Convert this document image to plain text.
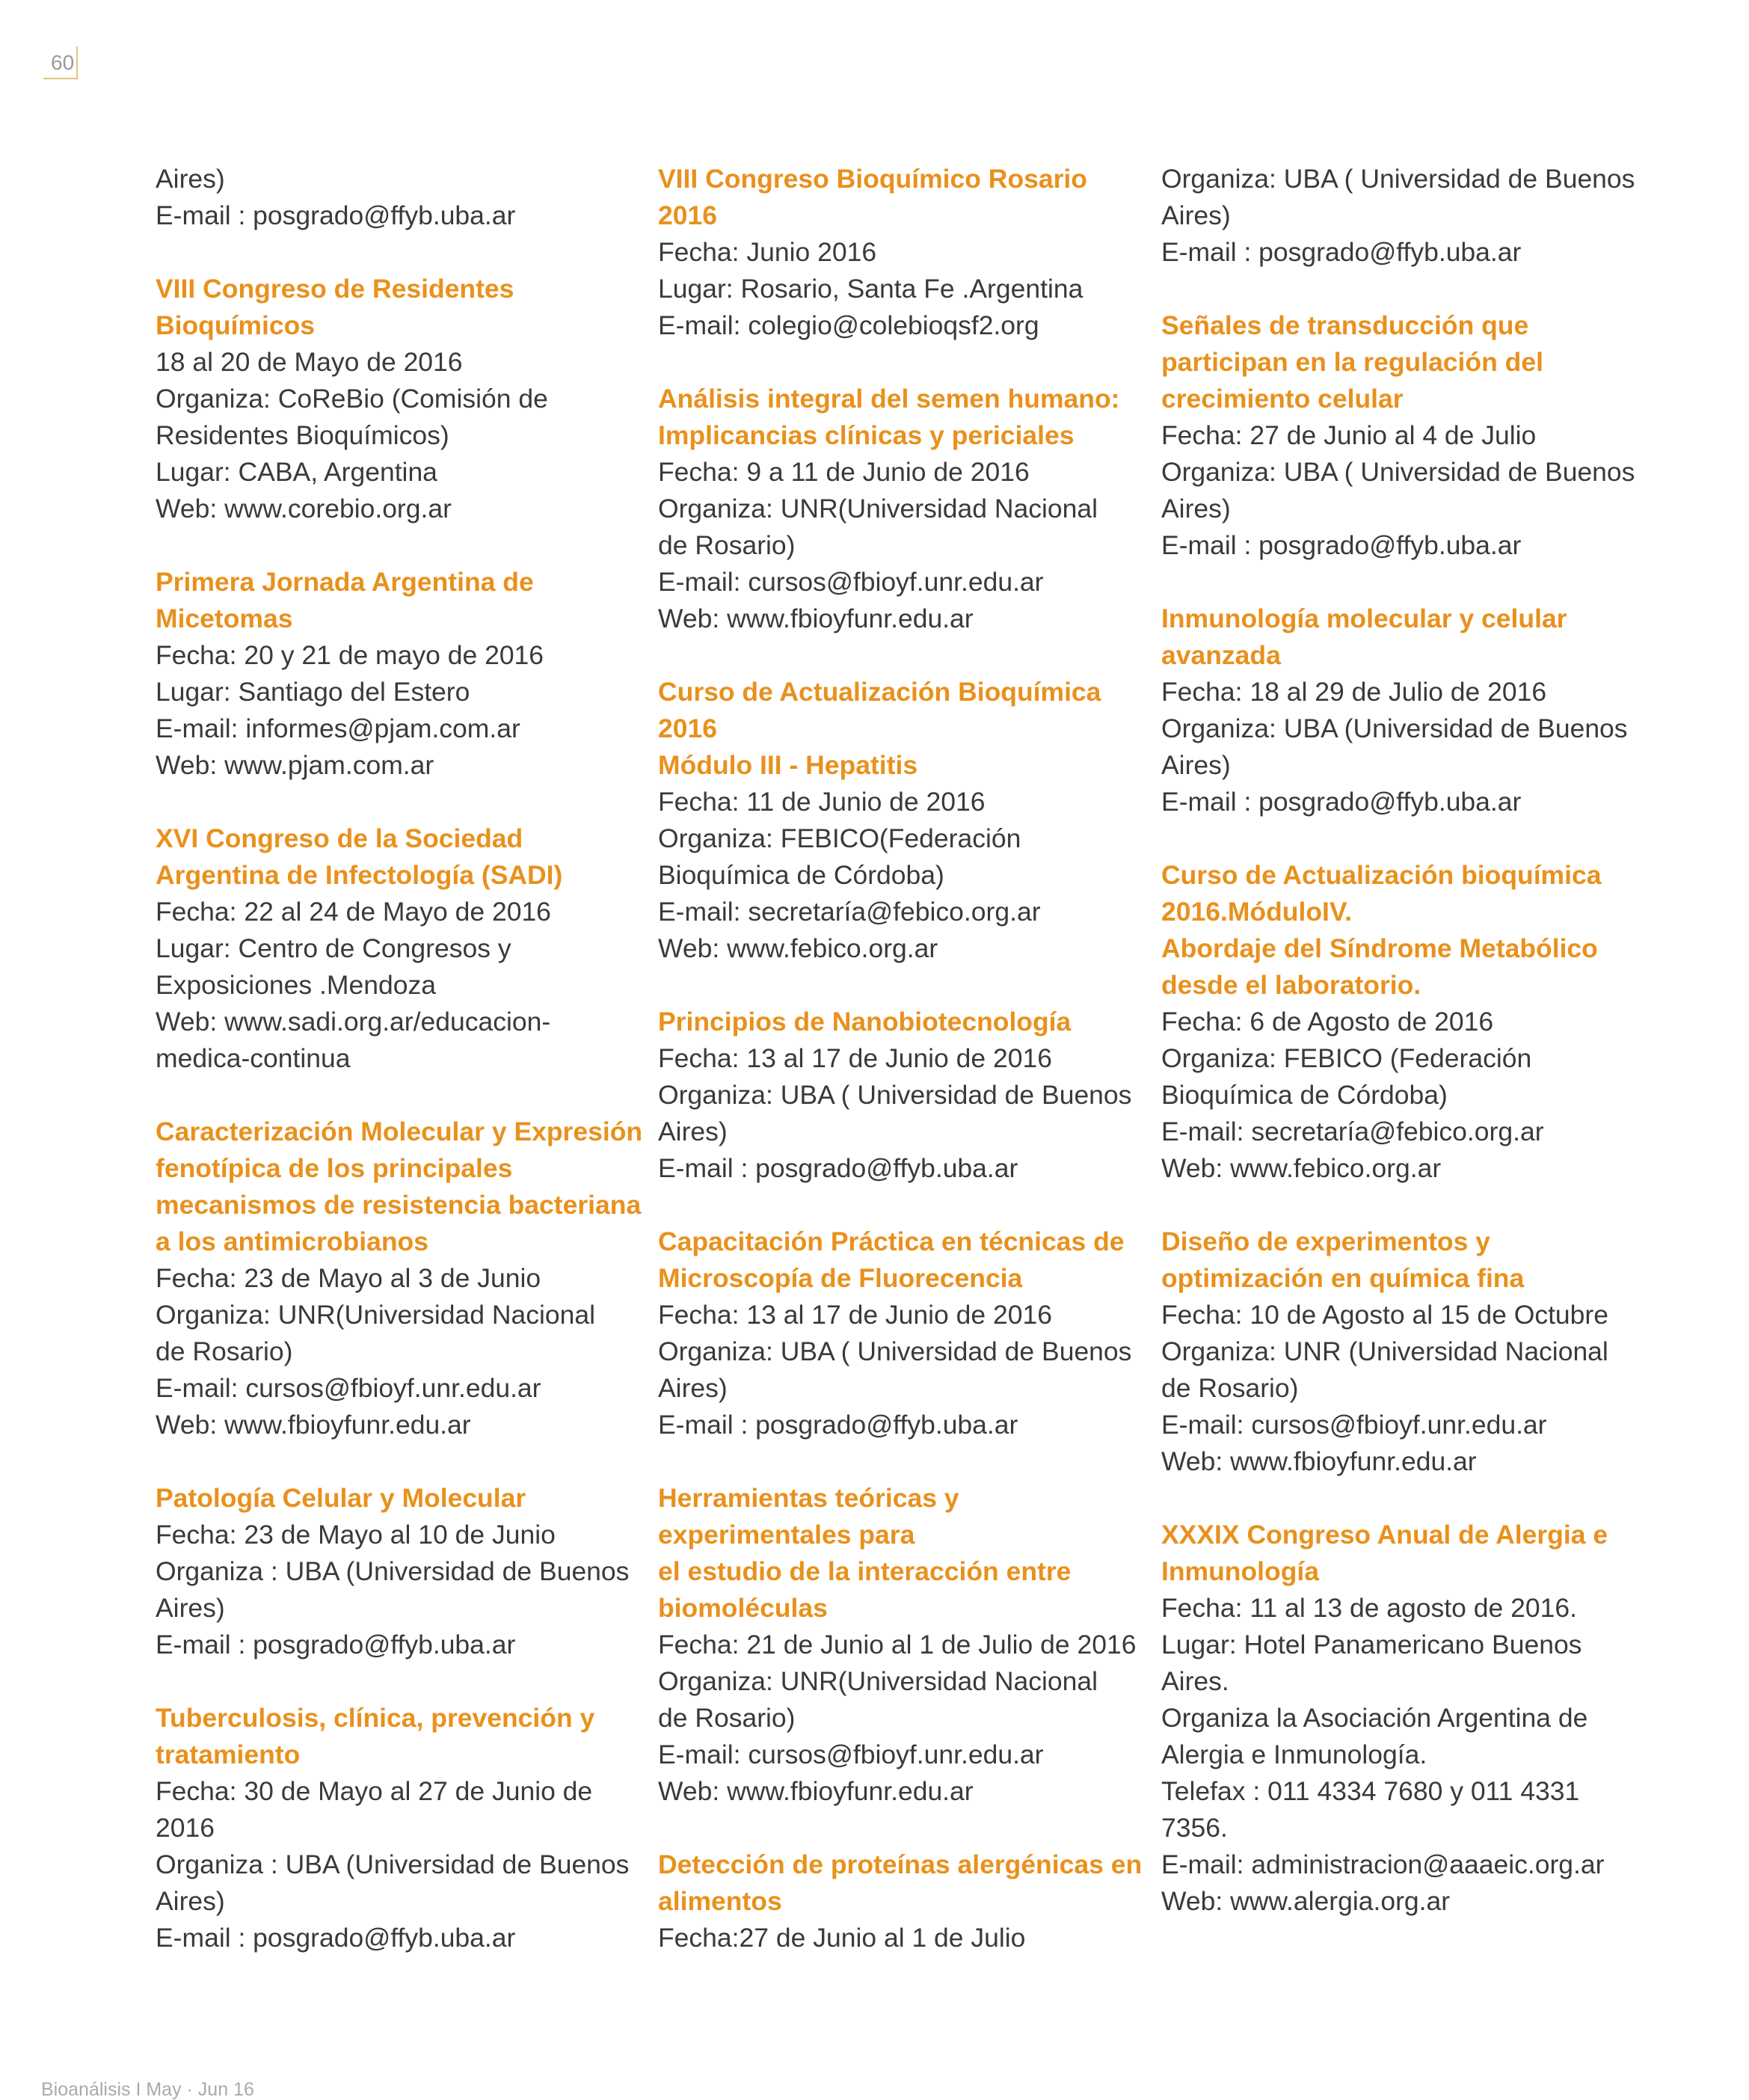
60
Aires)
E-mail : posgrado@ffyb.uba.ar
VIII Congreso de Residentes
Bioquímicos
18 al 20 de Mayo de 2016
Organiza: CoReBio (Comisión de
Residentes Bioquímicos)
Lugar: CABA, Argentina
Web: www.corebio.org.ar
Primera Jornada Argentina de
Micetomas
Fecha: 20 y 21 de mayo de 2016
Lugar: Santiago del Estero
E-mail: informes@pjam.com.ar
Web: www.pjam.com.ar
XVI Congreso de la Sociedad
Argentina de Infectología (SADI)
Fecha: 22 al 24 de Mayo de 2016
Lugar: Centro de Congresos y
Exposiciones .Mendoza
Web: www.sadi.org.ar/educacion-
medica-continua
Caracterización Molecular y Expresión
fenotípica de los principales
mecanismos de resistencia bacteriana
a los antimicrobianos
Fecha: 23 de Mayo al 3 de Junio
Organiza: UNR(Universidad Nacional
de Rosario)
E-mail: cursos@fbioyf.unr.edu.ar
Web: www.fbioyfunr.edu.ar
Patología Celular y Molecular
Fecha: 23 de Mayo al 10 de Junio
Organiza : UBA (Universidad de Buenos
Aires)
E-mail : posgrado@ffyb.uba.ar
Tuberculosis, clínica, prevención y
tratamiento
Fecha: 30 de Mayo al 27 de Junio de
2016
Organiza : UBA (Universidad de Buenos
Aires)
E-mail : posgrado@ffyb.uba.ar
VIII Congreso Bioquímico Rosario
2016
Fecha: Junio 2016
Lugar: Rosario, Santa Fe .Argentina
E-mail: colegio@colebioqsf2.org
Análisis integral del semen humano:
Implicancias clínicas y periciales
Fecha: 9 a 11 de Junio de 2016
Organiza: UNR(Universidad Nacional
de Rosario)
E-mail: cursos@fbioyf.unr.edu.ar
Web: www.fbioyfunr.edu.ar
Curso de Actualización Bioquímica
2016
Módulo III - Hepatitis
Fecha: 11 de Junio de 2016
Organiza: FEBICO(Federación
Bioquímica de Córdoba)
E-mail: secretaría@febico.org.ar
Web: www.febico.org.ar
Principios de Nanobiotecnología
Fecha: 13 al 17 de Junio de 2016
Organiza: UBA ( Universidad de Buenos
Aires)
E-mail : posgrado@ffyb.uba.ar
Capacitación Práctica en técnicas de
Microscopía de Fluorecencia
Fecha: 13 al 17 de Junio de 2016
Organiza: UBA ( Universidad de Buenos
Aires)
E-mail : posgrado@ffyb.uba.ar
Herramientas teóricas y
experimentales para
el estudio de la interacción entre
biomoléculas
Fecha: 21 de Junio al 1 de Julio de 2016
Organiza: UNR(Universidad Nacional
de Rosario)
E-mail: cursos@fbioyf.unr.edu.ar
Web: www.fbioyfunr.edu.ar
Detección de proteínas alergénicas en
alimentos
Fecha:27 de Junio al 1 de Julio
Organiza: UBA ( Universidad de Buenos
Aires)
E-mail : posgrado@ffyb.uba.ar
Señales de transducción que
participan en la regulación del
crecimiento celular
Fecha: 27 de Junio al 4 de Julio
Organiza: UBA ( Universidad de Buenos
Aires)
E-mail : posgrado@ffyb.uba.ar
Inmunología molecular y celular
avanzada
Fecha: 18 al 29 de Julio de 2016
Organiza: UBA (Universidad de Buenos
Aires)
E-mail : posgrado@ffyb.uba.ar
Curso de Actualización bioquímica
2016.MóduloIV.
Abordaje del Síndrome Metabólico
desde el laboratorio.
Fecha: 6 de Agosto de 2016
Organiza: FEBICO (Federación
Bioquímica de Córdoba)
E-mail: secretaría@febico.org.ar
Web: www.febico.org.ar
Diseño de experimentos y
optimización en química fina
Fecha: 10 de Agosto al 15 de Octubre
Organiza: UNR (Universidad Nacional
de Rosario)
E-mail: cursos@fbioyf.unr.edu.ar
Web: www.fbioyfunr.edu.ar
XXXIX Congreso Anual de Alergia e
Inmunología
Fecha: 11 al 13 de agosto de 2016.
Lugar: Hotel Panamericano Buenos
Aires.
Organiza la Asociación Argentina de
Alergia e Inmunología.
Telefax : 011 4334 7680 y 011 4331
7356.
E-mail: administracion@aaaeic.org.ar
Web: www.alergia.org.ar
Bioanálisis I May · Jun 16
